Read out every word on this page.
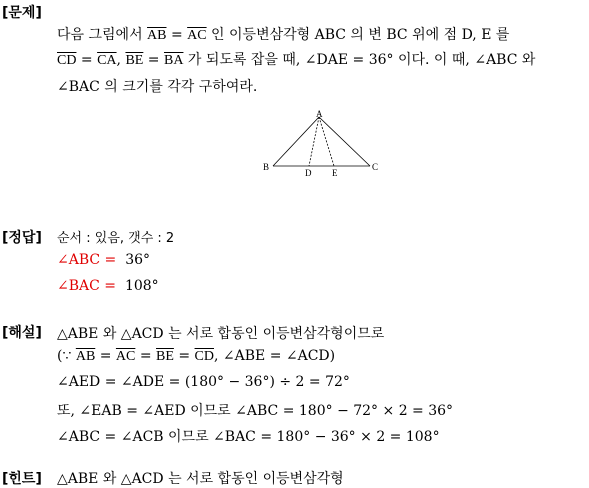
[문제]
다음 그림에서 $\overline{AB} = \overline{AC}$ 인 이등변삼각형 ABC 의 변 BC 위에 점 D, E 를
$\overline{CD} = \overline{CA}$, $\overline{BE} = \overline{BA}$ 가 되도록 잡을 때, ∠DAE = 36° 이다. 이 때, ∠ABC 와
∠BAC 의 크기를 각각 구하여라.
A
B	C
D E
[정답] 순서 : 있음, 갯수 : 2
∠ABC =  36°
∠BAC =  108°
[해설] △ABE 와 △ACD 는 서로 합동인 이등변삼각형이므로
(∵ $\overline{AB} = \overline{AC} = \overline{BE} = \overline{CD}$, ∠ABE = ∠ACD)
∠AED = ∠ADE = (180° − 36°) ÷ 2 = 72°
또, ∠EAB = ∠AED 이므로 ∠ABC = 180° − 72° × 2 = 36°
∠ABC = ∠ACB 이므로 ∠BAC = 180° − 36° × 2 = 108°
[힌트] △ABE 와 △ACD 는 서로 합동인 이등변삼각형
